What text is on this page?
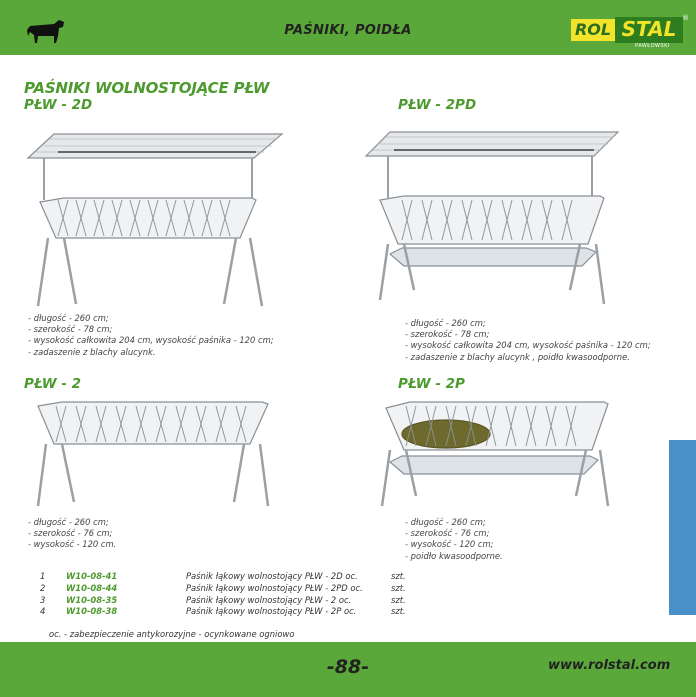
PAŚNIKI, POIDŁA	ROL STAL
PAWŁOWSKI
®
PAŚNIKI WOLNOSTOJĄCE PŁW
PŁW - 2D	PŁW - 2PD
PŁW - 2	PŁW - 2P
- długość - 260 cm;
- szerokość - 78 cm;
- wysokość całkowita 204 cm, wysokość paśnika - 120 cm;
- zadaszenie z blachy alucynk.
- długość - 260 cm;
- szerokość - 78 cm;
- wysokość całkowita 204 cm, wysokość paśnika - 120 cm;
- zadaszenie z blachy alucynk , poidło kwasoodporne.
- długość - 260 cm;
- szerokość - 76 cm;
- wysokość - 120 cm.
- długość - 260 cm;
- szerokość - 76 cm;
- wysokość - 120 cm;
- poidło kwasoodporne.
1 W10-08-41	Paśnik łąkowy wolnostojący PŁW - 2D oc.	szt.
2 W10-08-44	Paśnik łąkowy wolnostojący PŁW - 2PD oc.	szt.
3 W10-08-35	Paśnik łąkowy wolnostojący PŁW - 2 oc.	szt.
4 W10-08-38	Paśnik łąkowy wolnostojący PŁW - 2P oc.	szt.
oc. - zabezpieczenie antykorozyjne - ocynkowane ogniowo
-88-	www.rolstal.com
